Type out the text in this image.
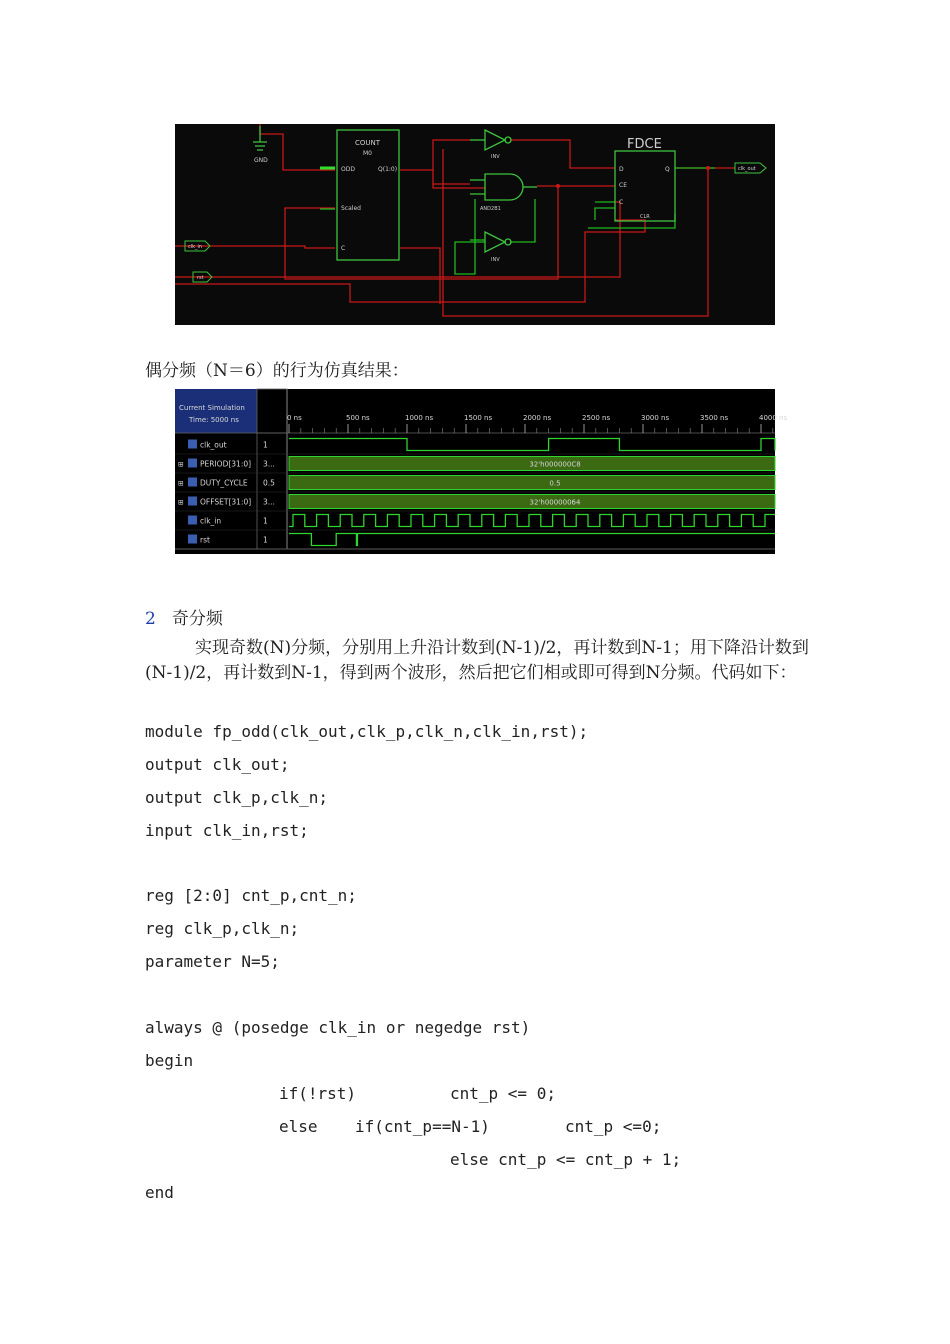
GND
COUNT
M0
ODD	Q(1:0)
Scaled
C
INV
INV
AND2B1
FDCE
D
CE
C
CLR
Q
clk_in
rst
clk_out
偶分频（N＝6）的行为仿真结果：
Current Simulation
Time: 5000 ns	0 ns	500 ns	1000 ns	1500 ns	2000 ns	2500 ns	3000 ns	3500 ns	4000 ns
clk_out	1
⊞ PERIOD[31:0] 3...	32'h000000C8
⊞ DUTY_CYCLE 0.5	0.5
⊞ OFFSET[31:0] 3...	32'h00000064
clk_in	1
rst	1
2 奇分频
实现奇数(N)分频，分别用上升沿计数到(N-1)/2，再计数到N-1；用下降沿计数到(N-1)/2，再计数到N-1，得到两个波形，然后把它们相或即可得到N分频。代码如下：
module fp_odd(clk_out,clk_p,clk_n,clk_in,rst);
output clk_out;
output clk_p,clk_n;
input clk_in,rst;
reg [2:0] cnt_p,cnt_n;
reg clk_p,clk_n;
parameter N=5;
always @ (posedge clk_in or negedge rst)
begin
if(!rst)	cnt_p <= 0;
else if(cnt_p==N-1)	cnt_p <=0;
else cnt_p <= cnt_p + 1;
end
